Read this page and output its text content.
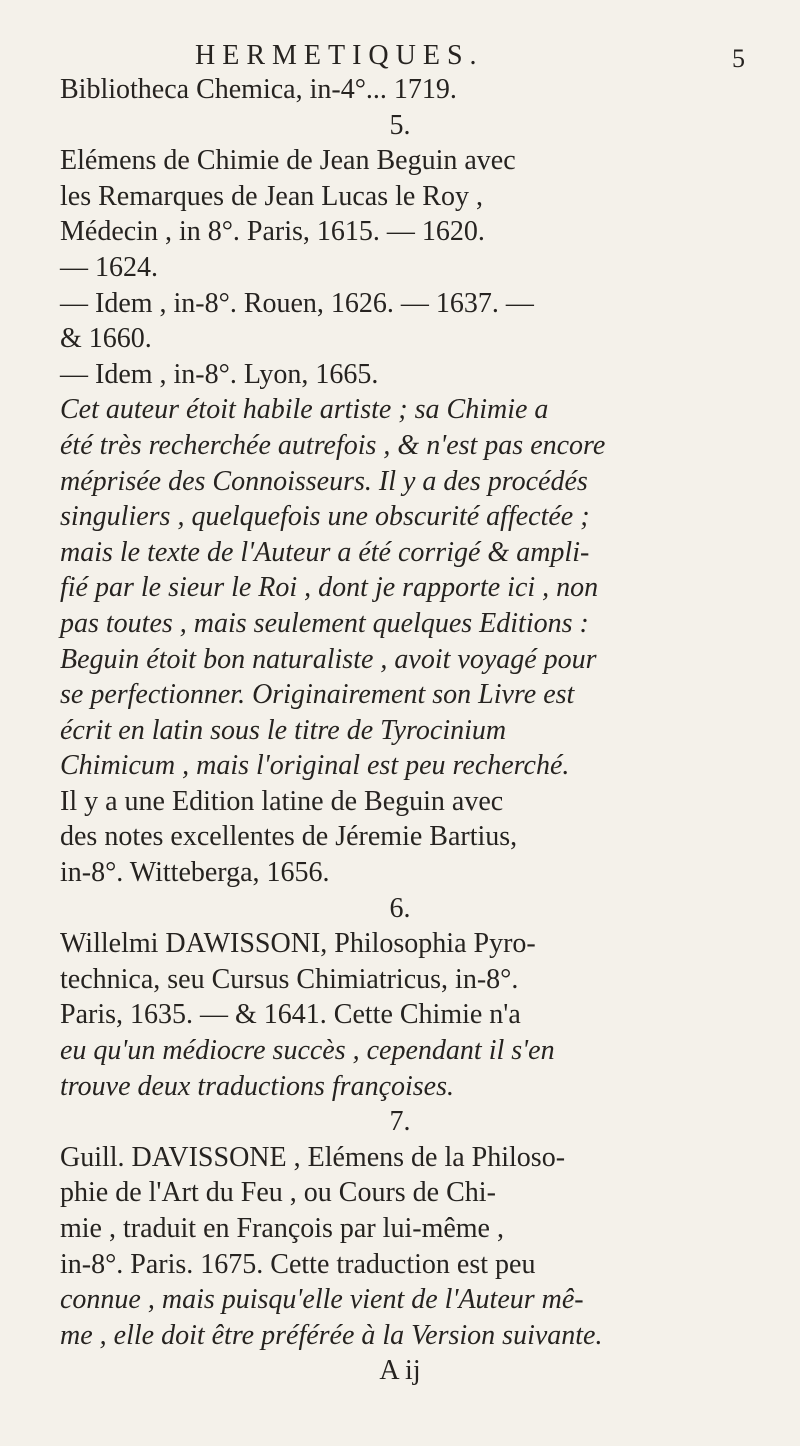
HERMETIQUES.	5

Bibliotheca Chemica, in-4°... 1719.

5.

Elémens de Chimie de Jean Beguin avec

les Remarques de Jean Lucas le Roy ,

Médecin , in 8°. Paris, 1615. — 1620.

— 1624.

— Idem , in-8°. Rouen, 1626. — 1637. —

& 1660.

— Idem , in-8°. Lyon, 1665.

Cet auteur étoit habile artiste ; sa Chimie a

été très recherchée autrefois , & n'est pas encore

méprisée des Connoisseurs. Il y a des procédés

singuliers , quelquefois une obscurité affectée ;

mais le texte de l'Auteur a été corrigé & ampli-

fié par le sieur le Roi , dont je rapporte ici , non

pas toutes , mais seulement quelques Editions :

Beguin étoit bon naturaliste , avoit voyagé pour

se perfectionner. Originairement son Livre est

écrit en latin sous le titre de Tyrocinium

Chimicum , mais l'original est peu recherché.

Il y a une Edition latine de Beguin avec

des notes excellentes de Jéremie Bartius,

in-8°. Witteberga, 1656.

6.

Willelmi DAWISSONI, Philosophia Pyro-

technica, seu Cursus Chimiatricus, in-8°.

Paris, 1635. — & 1641. Cette Chimie n'a

eu qu'un médiocre succès , cependant il s'en

trouve deux traductions françoises.

7.

Guill. DAVISSONE , Elémens de la Philoso-

phie de l'Art du Feu , ou Cours de Chi-

mie , traduit en François par lui-même ,

in-8°. Paris. 1675. Cette traduction est peu

connue , mais puisqu'elle vient de l'Auteur mê-

me , elle doit être préférée à la Version suivante.

A ij
